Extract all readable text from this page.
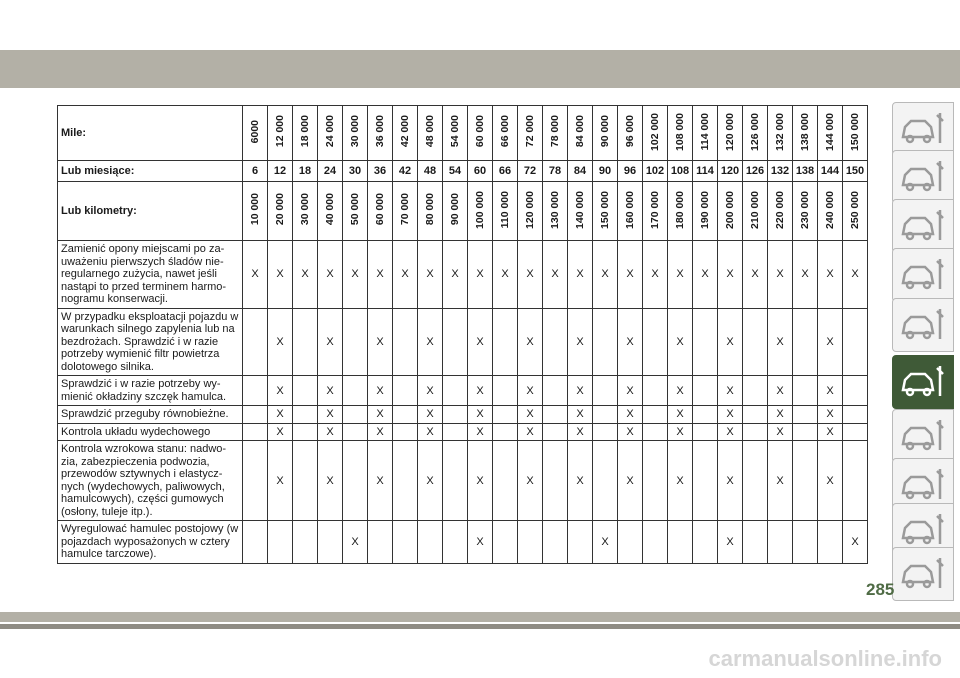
Mile:	6000	12 000	18 000	24 000	30 000	36 000	42 000	48 000	54 000	60 000	66 000	72 000	78 000	84 000	90 000	96 000	102 000	108 000	114 000	120 000	126 000	132 000	138 000	144 000	150 000
Lub miesiące:	6	12	18	24	30	36	42	48	54	60	66	72	78	84	90	96	102	108	114	120	126	132	138	144	150
Lub kilometry:	10 000	20 000	30 000	40 000	50 000	60 000	70 000	80 000	90 000	100 000	110 000	120 000	130 000	140 000	150 000	160 000	170 000	180 000	190 000	200 000	210 000	220 000	230 000	240 000	250 000
Zamienić opony miejscami po za-uważeniu pierwszych śladów nie-regularnego zużycia, nawet jeśli nastąpi to przed terminem harmo-nogramu konserwacji.	X	X	X	X	X	X	X	X	X	X	X	X	X	X	X	X	X	X	X	X	X	X	X	X	X
W przypadku eksploatacji pojazdu w warunkach silnego zapylenia lub na bezdrożach. Sprawdzić i w razie potrzeby wymienić filtr powietrza dolotowego silnika.		X		X		X		X		X		X		X		X		X		X		X		X	
Sprawdzić i w razie potrzeby wy-mienić okładziny szczęk hamulca.		X		X		X		X		X		X		X		X		X		X		X		X	
Sprawdzić przeguby równobieżne.		X		X		X		X		X		X		X		X		X		X		X		X	
Kontrola układu wydechowego		X		X		X		X		X		X		X		X		X		X		X		X	
Kontrola wzrokowa stanu: nadwo-zia, zabezpieczenia podwozia, przewodów sztywnych i elastycz-nych (wydechowych, paliwowych, hamulcowych), części gumowych (osłony, tuleje itp.).		X		X		X		X		X		X		X		X		X		X		X		X	
Wyregulować hamulec postojowy (w pojazdach wyposażonych w cztery hamulce tarczowe).					X					X					X					X					X
285
carmanualsonline.info
